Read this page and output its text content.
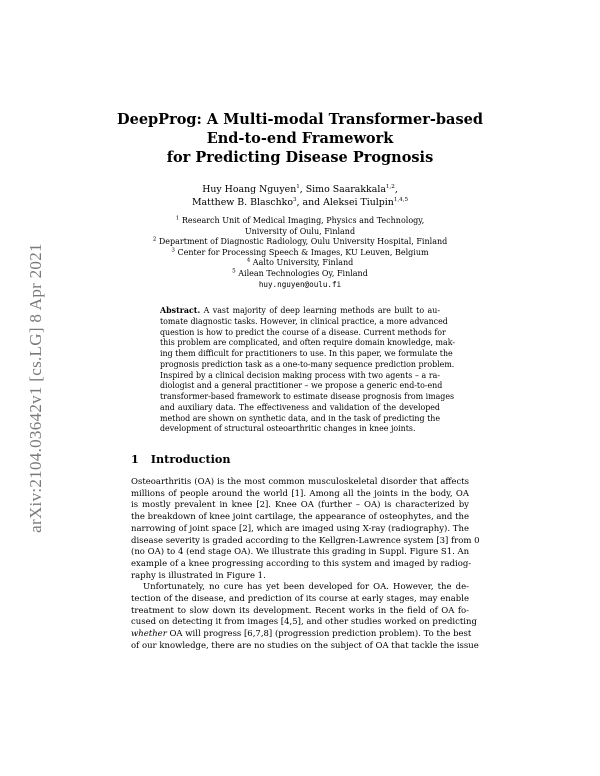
arXiv:2104.03642v1 [cs.LG] 8 Apr 2021
DeepProg: A Multi-modal Transformer-based
End-to-end Framework
for Predicting Disease Prognosis
Huy Hoang Nguyen$^1$, Simo Saarakkala$^{1,2}$,
Matthew B. Blaschko$^3$, and Aleksei Tiulpin$^{1,4,5}$
$^1$ Research Unit of Medical Imaging, Physics and Technology,
University of Oulu, Finland
$^2$ Department of Diagnostic Radiology, Oulu University Hospital, Finland
$^3$ Center for Processing Speech & Images, KU Leuven, Belgium
$^4$ Aalto University, Finland
$^5$ Ailean Technologies Oy, Finland
huy.nguyen@oulu.fi
Abstract. A vast majority of deep learning methods are built to au-
tomate diagnostic tasks. However, in clinical practice, a more advanced
question is how to predict the course of a disease. Current methods for
this problem are complicated, and often require domain knowledge, mak-
ing them difficult for practitioners to use. In this paper, we formulate the
prognosis prediction task as a one-to-many sequence prediction problem.
Inspired by a clinical decision making process with two agents – a ra-
diologist and a general practitioner – we propose a generic end-to-end
transformer-based framework to estimate disease prognosis from images
and auxiliary data. The effectiveness and validation of the developed
method are shown on synthetic data, and in the task of predicting the
development of structural osteoarthritic changes in knee joints.
1 Introduction
Osteoarthritis (OA) is the most common musculoskeletal disorder that affects
millions of people around the world [1]. Among all the joints in the body, OA
is mostly prevalent in knee [2]. Knee OA (further – OA) is characterized by
the breakdown of knee joint cartilage, the appearance of osteophytes, and the
narrowing of joint space [2], which are imaged using X-ray (radiography). The
disease severity is graded according to the Kellgren-Lawrence system [3] from 0
(no OA) to 4 (end stage OA). We illustrate this grading in Suppl. Figure S1. An
example of a knee progressing according to this system and imaged by radiog-
raphy is illustrated in Figure 1.
Unfortunately, no cure has yet been developed for OA. However, the de-
tection of the disease, and prediction of its course at early stages, may enable
treatment to slow down its development. Recent works in the field of OA fo-
cused on detecting it from images [4,5], and other studies worked on predicting
whether OA will progress [6,7,8] (progression prediction problem). To the best
of our knowledge, there are no studies on the subject of OA that tackle the issue
